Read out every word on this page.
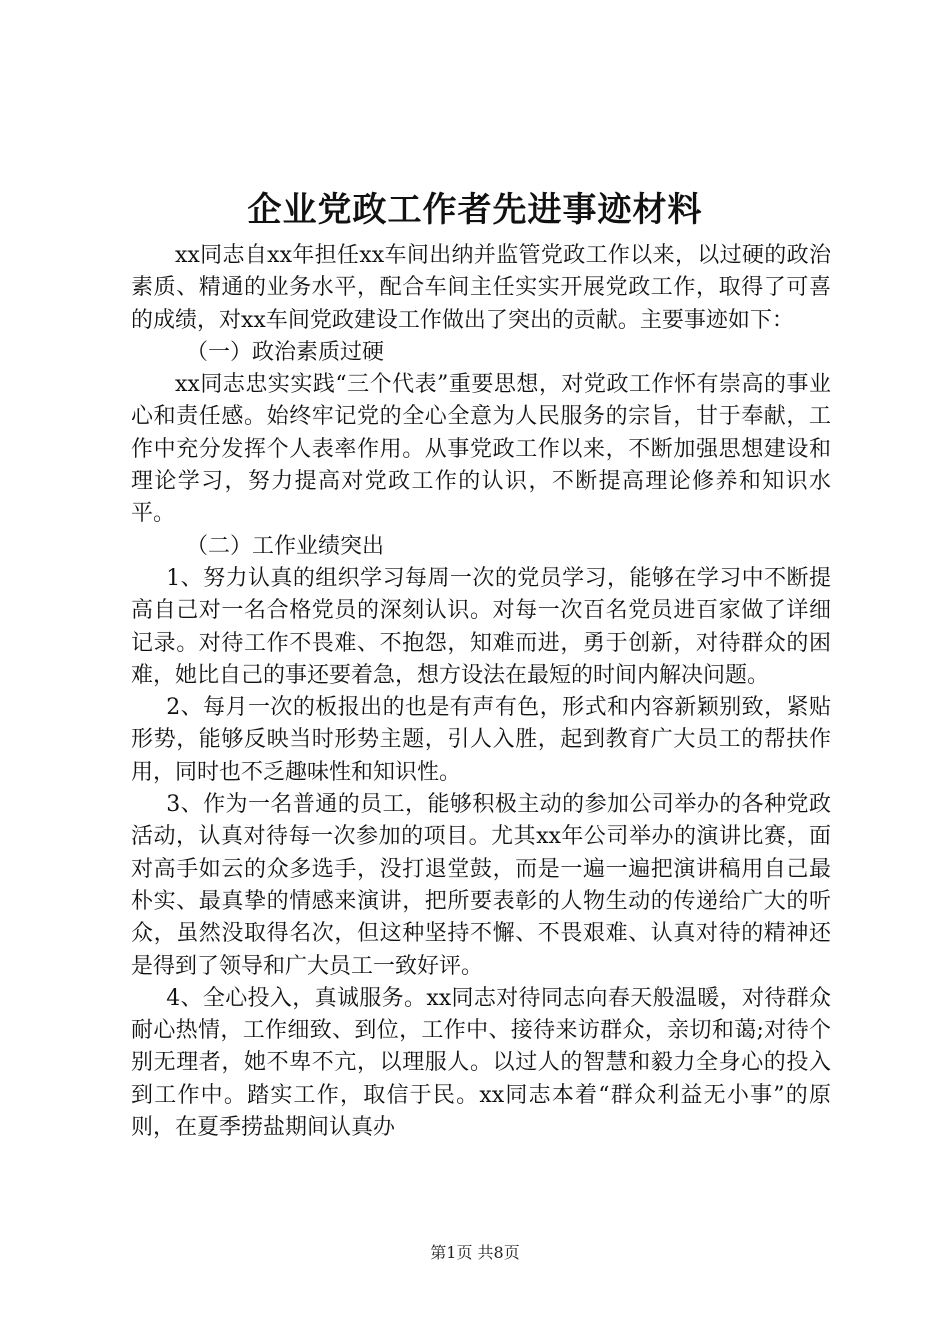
企业党政工作者先进事迹材料

xx同志自xx年担任xx车间出纳并监管党政工作以来，以过硬的政治素质、精通的业务水平，配合车间主任实实开展党政工作，取得了可喜的成绩，对xx车间党政建设工作做出了突出的贡献。主要事迹如下：

（一）政治素质过硬

xx同志忠实实践“三个代表”重要思想，对党政工作怀有崇高的事业心和责任感。始终牢记党的全心全意为人民服务的宗旨，甘于奉献，工作中充分发挥个人表率作用。从事党政工作以来，不断加强思想建设和理论学习，努力提高对党政工作的认识，不断提高理论修养和知识水平。

（二）工作业绩突出

1、努力认真的组织学习每周一次的党员学习，能够在学习中不断提高自己对一名合格党员的深刻认识。对每一次百名党员进百家做了详细记录。对待工作不畏难、不抱怨，知难而进，勇于创新，对待群众的困难，她比自己的事还要着急，想方设法在最短的时间内解决问题。

2、每月一次的板报出的也是有声有色，形式和内容新颖别致，紧贴形势，能够反映当时形势主题，引人入胜，起到教育广大员工的帮扶作用，同时也不乏趣味性和知识性。

3、作为一名普通的员工，能够积极主动的参加公司举办的各种党政活动，认真对待每一次参加的项目。尤其xx年公司举办的演讲比赛，面对高手如云的众多选手，没打退堂鼓，而是一遍一遍把演讲稿用自己最朴实、最真挚的情感来演讲，把所要表彰的人物生动的传递给广大的听众，虽然没取得名次，但这种坚持不懈、不畏艰难、认真对待的精神还是得到了领导和广大员工一致好评。

4、全心投入，真诚服务。xx同志对待同志向春天般温暖，对待群众耐心热情，工作细致、到位，工作中、接待来访群众，亲切和蔼;对待个别无理者，她不卑不亢，以理服人。以过人的智慧和毅力全身心的投入到工作中。踏实工作，取信于民。xx同志本着“群众利益无小事”的原则，在夏季捞盐期间认真办

第1页 共8页
